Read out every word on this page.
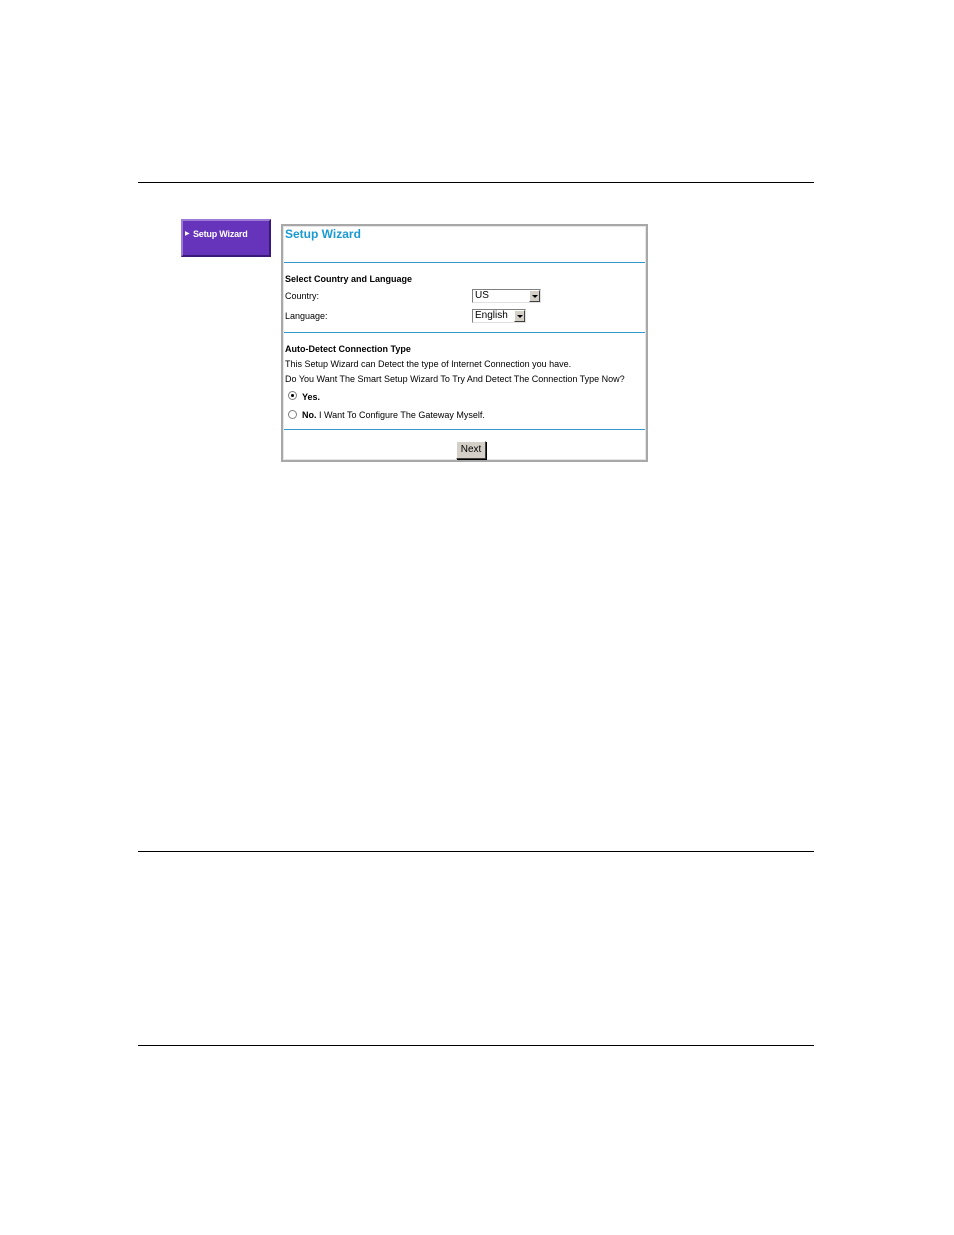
▶ Setup Wizard	Setup Wizard
Select Country and Language
Country:	US
Language:	English
Auto-Detect Connection Type
This Setup Wizard can Detect the type of Internet Connection you have.
Do You Want The Smart Setup Wizard To Try And Detect The Connection Type Now?
Yes.
No. I Want To Configure The Gateway Myself.
Next
